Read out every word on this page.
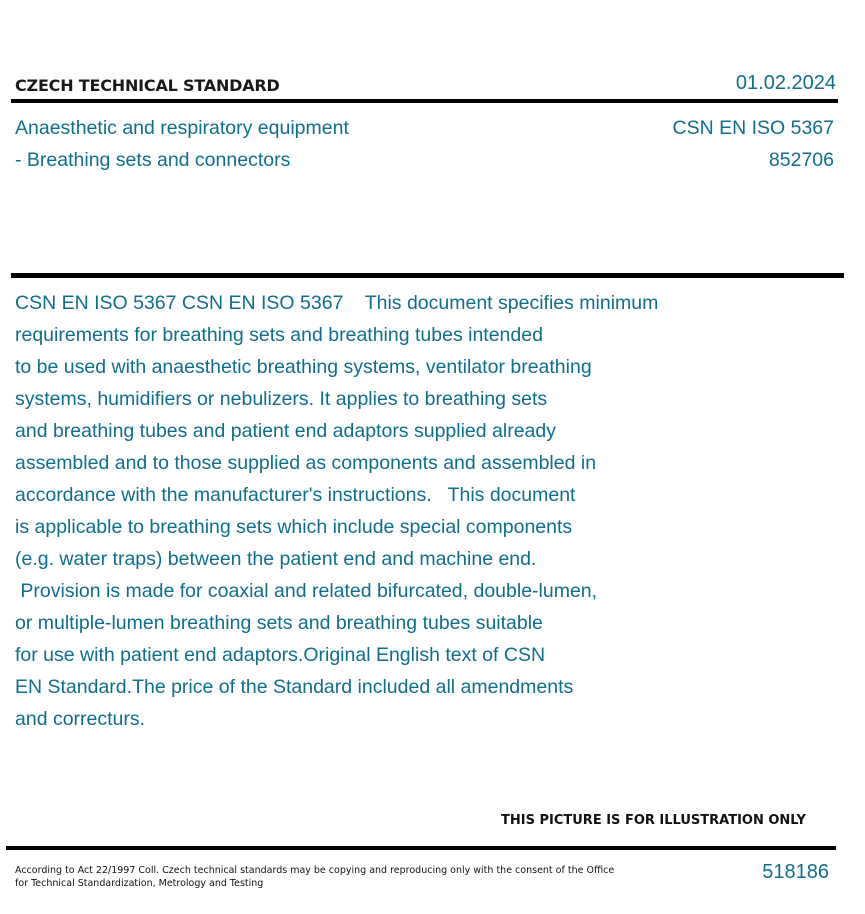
CZECH TECHNICAL STANDARD	01.02.2024
Anaesthetic and respiratory equipment
- Breathing sets and connectors
CSN EN ISO 5367
852706
CSN EN ISO 5367 CSN EN ISO 5367    This document specifies minimum
requirements for breathing sets and breathing tubes intended
to be used with anaesthetic breathing systems, ventilator breathing
systems, humidifiers or nebulizers. It applies to breathing sets
and breathing tubes and patient end adaptors supplied already
assembled and to those supplied as components and assembled in
accordance with the manufacturer's instructions.   This document
is applicable to breathing sets which include special components
(e.g. water traps) between the patient end and machine end.
Provision is made for coaxial and related bifurcated, double-lumen,
or multiple-lumen breathing sets and breathing tubes suitable
for use with patient end adaptors.Original English text of CSN
EN Standard.The price of the Standard included all amendments
and correcturs.
THIS PICTURE IS FOR ILLUSTRATION ONLY
According to Act 22/1997 Coll. Czech technical standards may be copying and reproducing only with the consent of the Office
for Technical Standardization, Metrology and Testing
518186
